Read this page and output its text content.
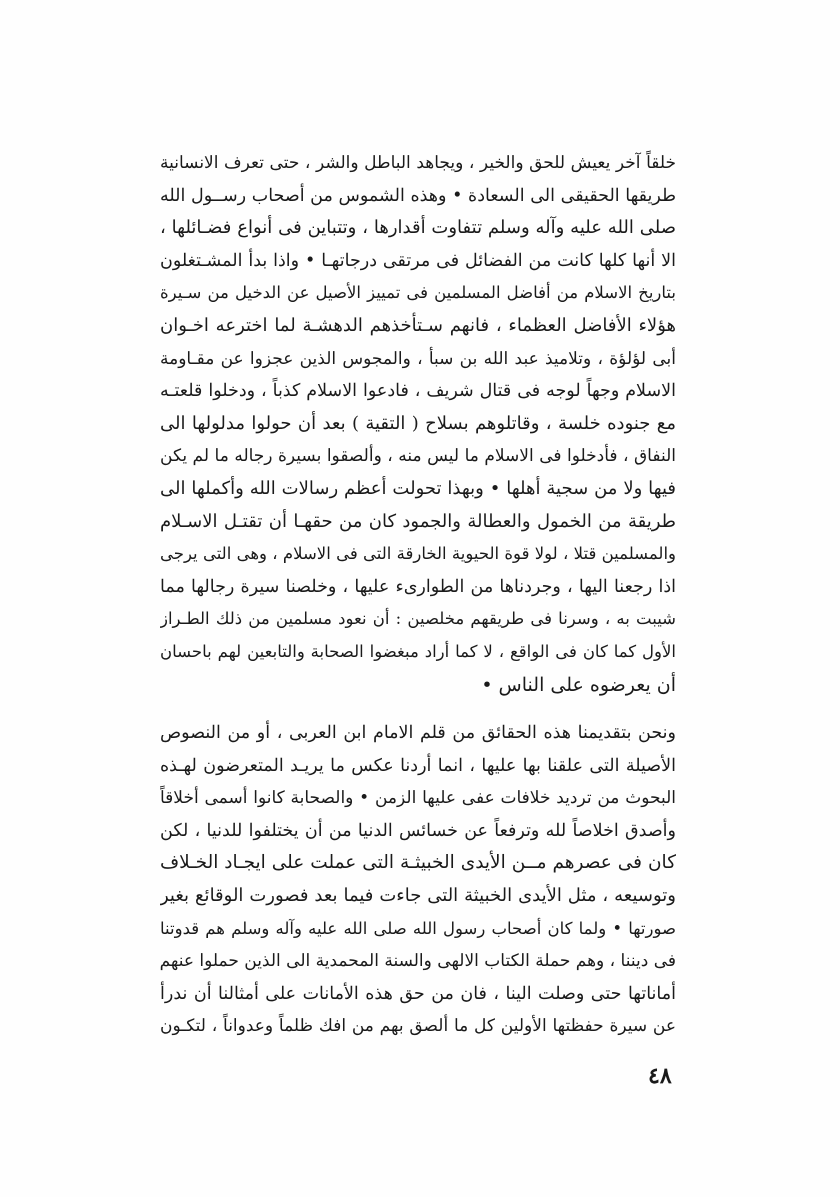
خلقاً آخر يعيش للحق والخير ، ويجاهد الباطل والشر ، حتى تعرف الانسانية
طريقها الحقيقى الى السعادة • وهذه الشموس من أصحاب رســول الله
صلى الله عليه وآله وسلم تتفاوت أقدارها ، وتتباين فى أنواع فضـائلها ،
الا أنها كلها كانت من الفضائل فى مرتقى درجاتهـا • واذا بدأ المشـتغلون
بتاريخ الاسلام من أفاضل المسلمين فى تمييز الأصيل عن الدخيل من سـيرة
هؤلاء الأفاضل العظماء ، فانهم سـتأخذهم الدهشـة لما اخترعه اخـوان
أبى لؤلؤة ، وتلاميذ عبد الله بن سبأ ، والمجوس الذين عجزوا عن مقـاومة
الاسلام وجهاً لوجه فى قتال شريف ، فادعوا الاسلام كذباً ، ودخلوا قلعتـه
مع جنوده خلسة ، وقاتلوهم بسلاح ( التقية ) بعد أن حولوا مدلولها الى
النفاق ، فأدخلوا فى الاسلام ما ليس منه ، وألصقوا بسيرة رجاله ما لم يكن
فيها ولا من سجية أهلها • وبهذا تحولت أعظم رسالات الله وأكملها الى
طريقة من الخمول والعطالة والجمود كان من حقهـا أن تقتـل الاسـلام
والمسلمين قتلا ، لولا قوة الحيوية الخارقة التى فى الاسلام ، وهى التى يرجى
اذا رجعنا اليها ، وجردناها من الطوارىء عليها ، وخلصنا سيرة رجالها مما
شيبت به ، وسرنا فى طريقهم مخلصين : أن نعود مسلمين من ذلك الطـراز
الأول كما كان فى الواقع ، لا كما أراد مبغضوا الصحابة والتابعين لهم باحسان
أن يعرضوه على الناس •
ونحن بتقديمنا هذه الحقائق من قلم الامام ابن العربى ، أو من النصوص
الأصيلة التى علقنا بها عليها ، انما أردنا عكس ما يريـد المتعرضون لهـذه
البحوث من ترديد خلافات عفى عليها الزمن • والصحابة كانوا أسمى أخلاقاً
وأصدق اخلاصاً لله وترفعاً عن خسائس الدنيا من أن يختلفوا للدنيا ، لكن
كان فى عصرهم مــن الأيدى الخبيثـة التى عملت على ايجـاد الخـلاف
وتوسيعه ، مثل الأيدى الخبيثة التى جاءت فيما بعد فصورت الوقائع بغير
صورتها • ولما كان أصحاب رسول الله صلى الله عليه وآله وسلم هم قدوتنا
فى ديننا ، وهم حملة الكتاب الالهى والسنة المحمدية الى الذين حملوا عنهم
أماناتها حتى وصلت الينا ، فان من حق هذه الأمانات على أمثالنا أن ندرأ
عن سيرة حفظتها الأولين كل ما ألصق بهم من افك ظلماً وعدواناً ، لتكـون
٤٨
